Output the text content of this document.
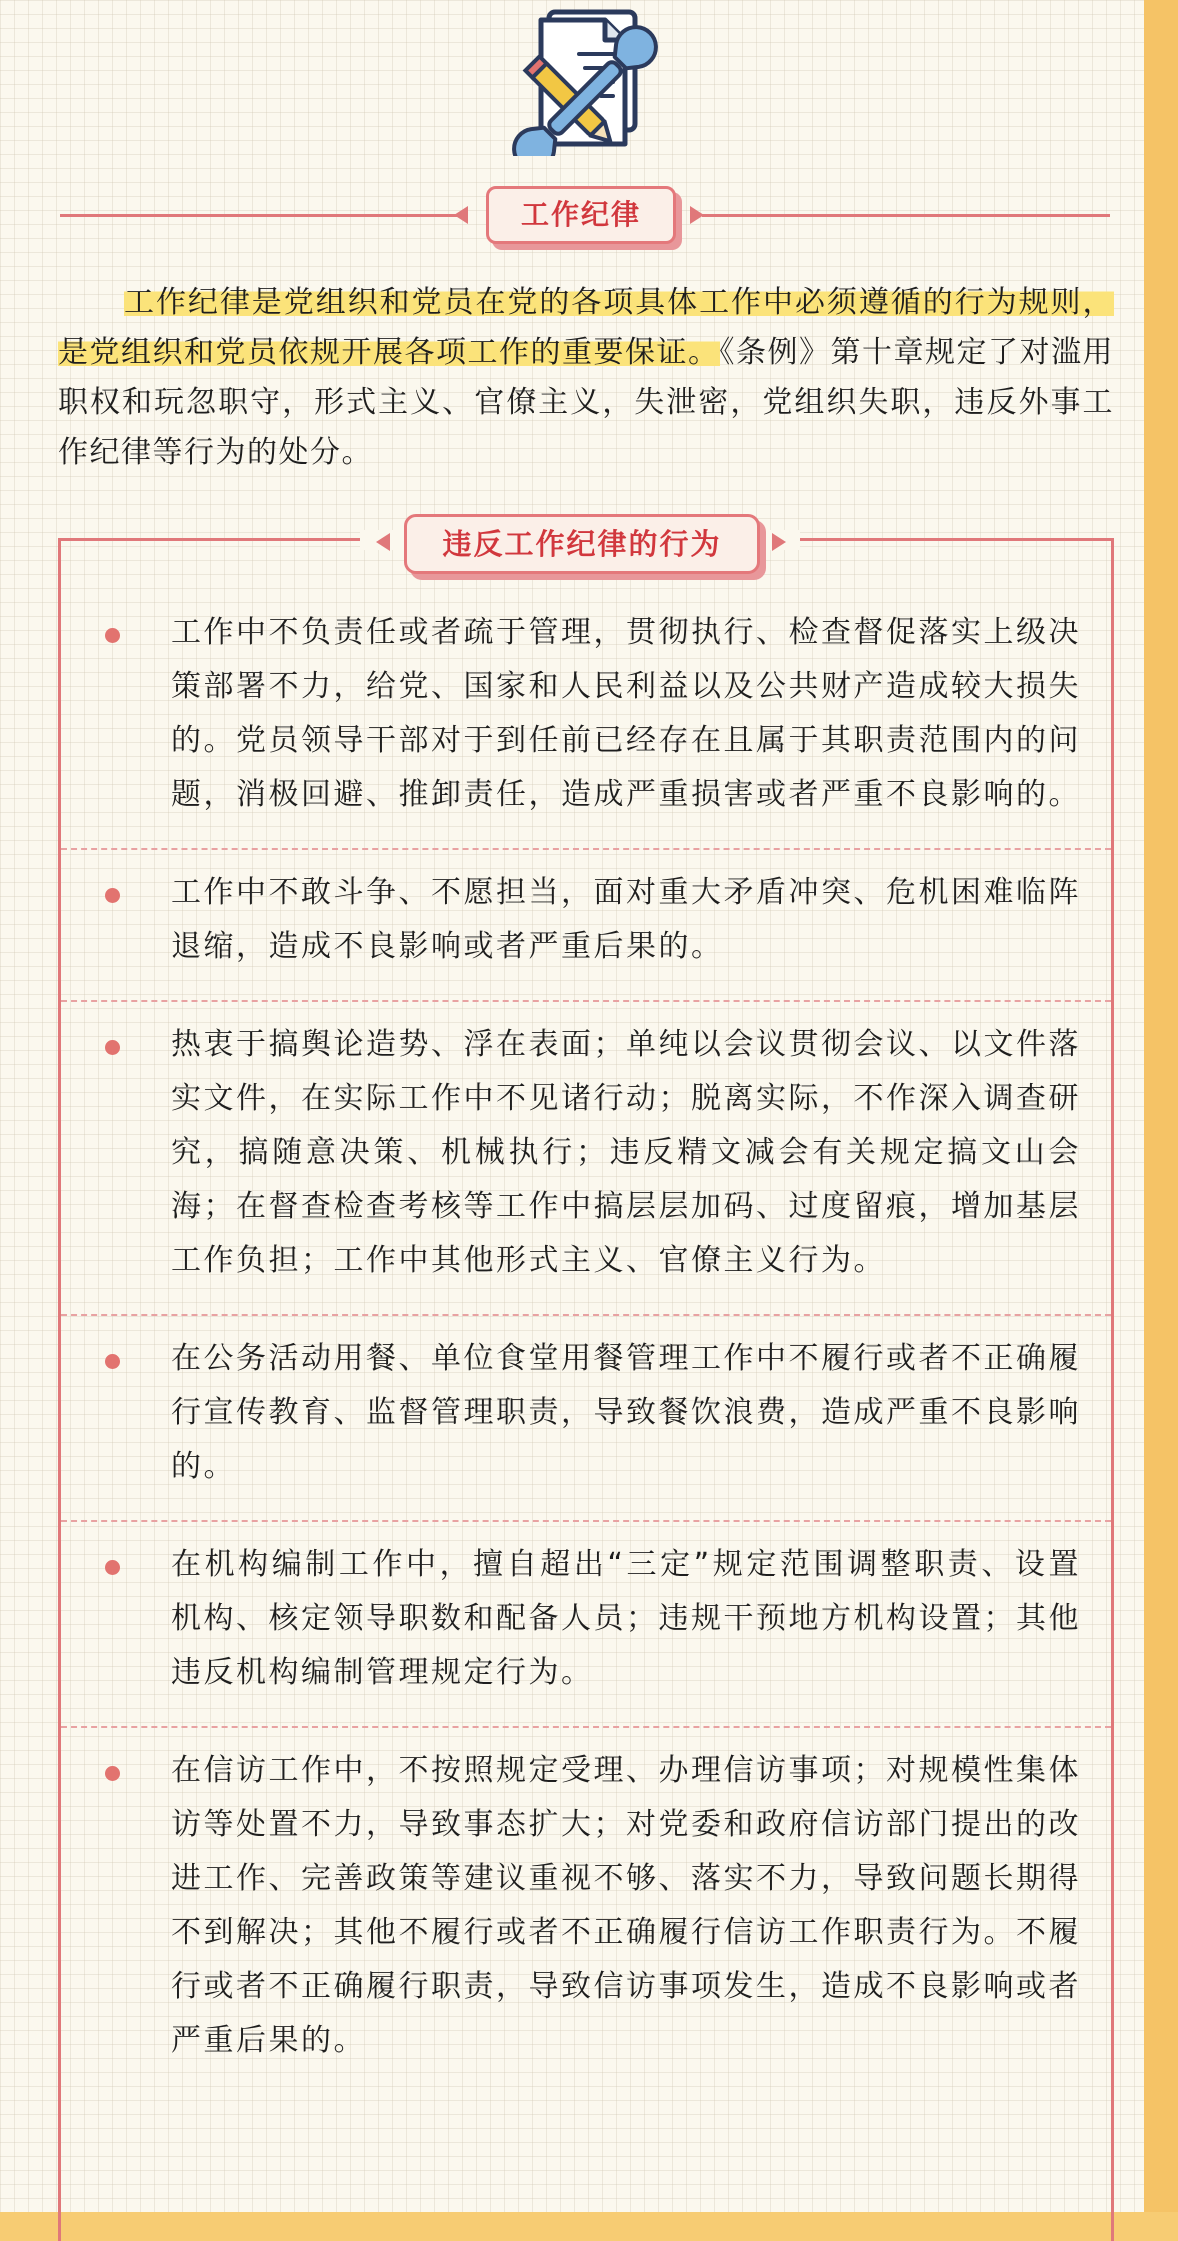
工作纪律
工作纪律是党组织和党员在党的各项具体工作中必须遵循的行为规则，是党组织和党员依规开展各项工作的重要保证。《条例》第十章规定了对滥用职权和玩忽职守，形式主义、官僚主义，失泄密，党组织失职，违反外事工作纪律等行为的处分。
违反工作纪律的行为
工作中不负责任或者疏于管理，贯彻执行、检查督促落实上级决策部署不力，给党、国家和人民利益以及公共财产造成较大损失的。党员领导干部对于到任前已经存在且属于其职责范围内的问题，消极回避、推卸责任，造成严重损害或者严重不良影响的。
工作中不敢斗争、不愿担当，面对重大矛盾冲突、危机困难临阵退缩，造成不良影响或者严重后果的。
热衷于搞舆论造势、浮在表面；单纯以会议贯彻会议、以文件落实文件，在实际工作中不见诸行动；脱离实际，不作深入调查研究，搞随意决策、机械执行；违反精文减会有关规定搞文山会海；在督查检查考核等工作中搞层层加码、过度留痕，增加基层工作负担；工作中其他形式主义、官僚主义行为。
在公务活动用餐、单位食堂用餐管理工作中不履行或者不正确履行宣传教育、监督管理职责，导致餐饮浪费，造成严重不良影响的。
在机构编制工作中，擅自超出“三定”规定范围调整职责、设置机构、核定领导职数和配备人员；违规干预地方机构设置；其他违反机构编制管理规定行为。
在信访工作中，不按照规定受理、办理信访事项；对规模性集体访等处置不力，导致事态扩大；对党委和政府信访部门提出的改进工作、完善政策等建议重视不够、落实不力，导致问题长期得不到解决；其他不履行或者不正确履行信访工作职责行为。不履行或者不正确履行职责，导致信访事项发生，造成不良影响或者严重后果的。
